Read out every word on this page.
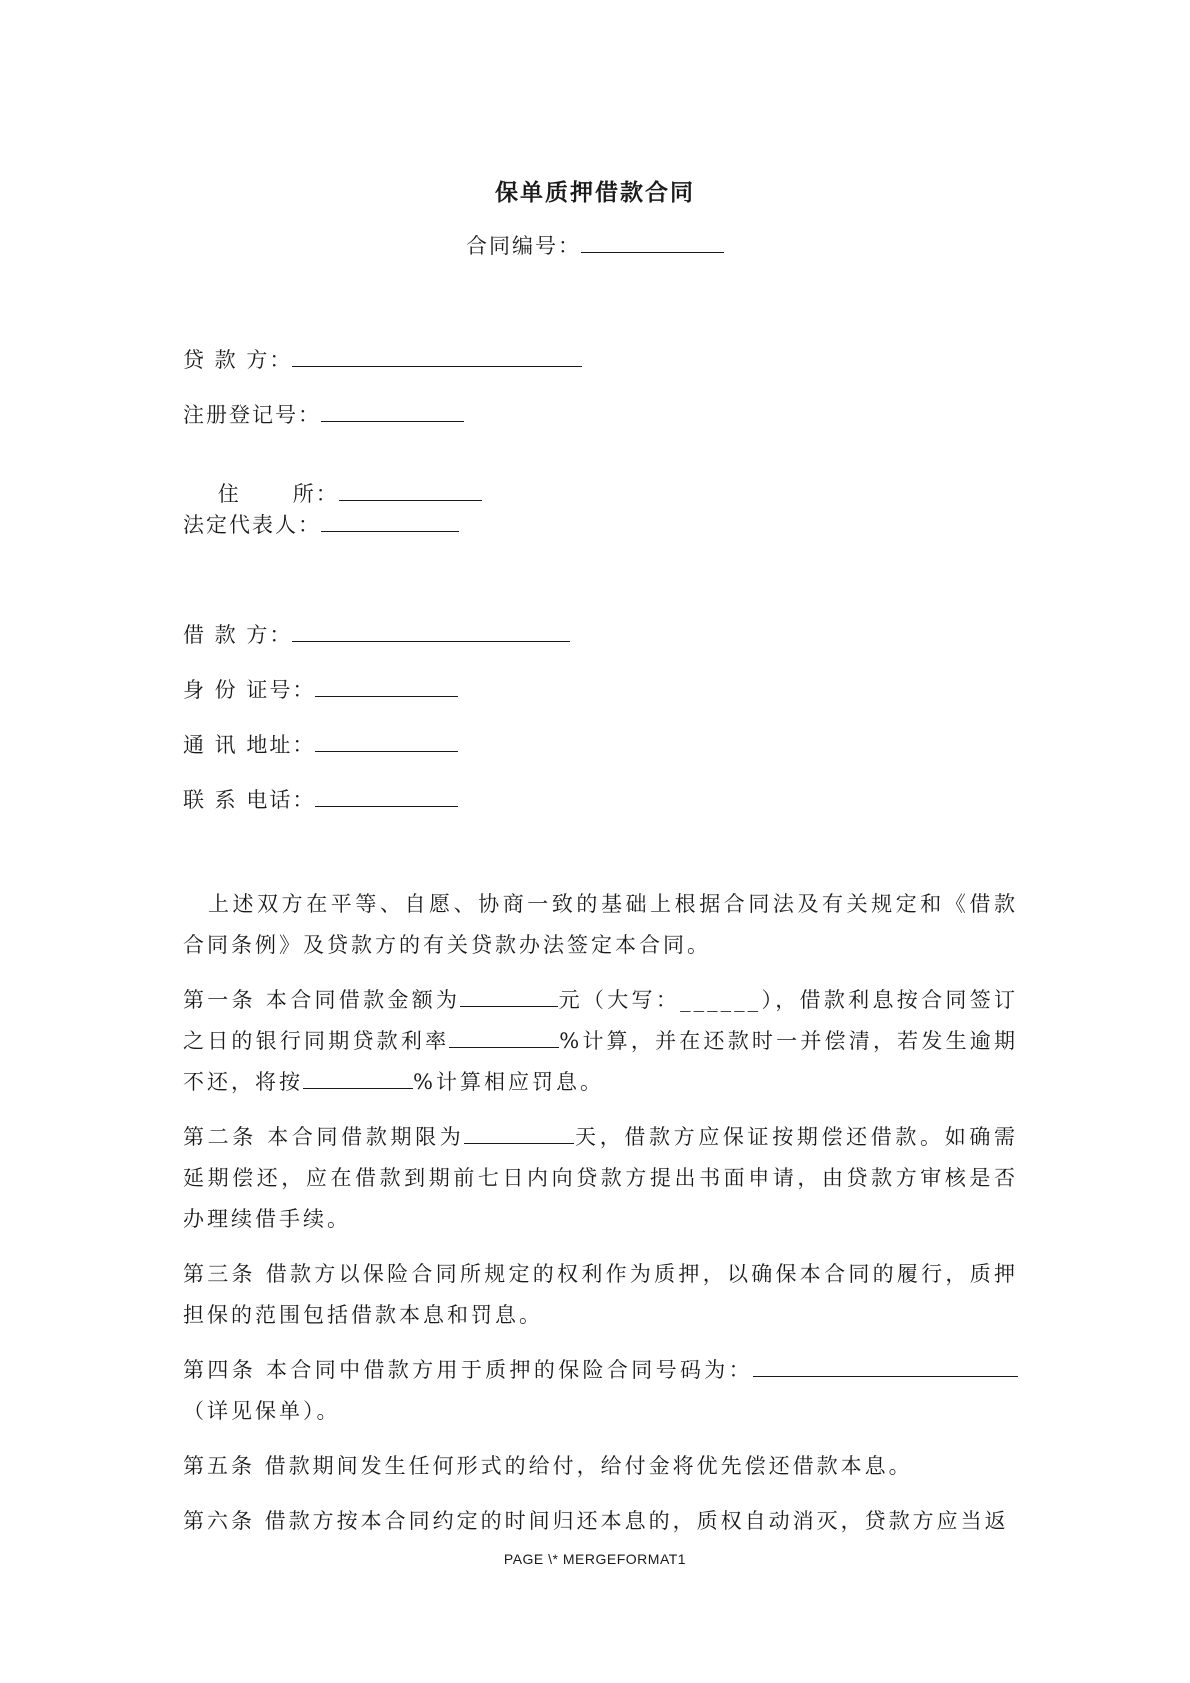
保单质押借款合同
合同编号：
贷 款 方：
注册登记号：

住      所：

法定代表人：
借 款 方：
身 份 证号：
通 讯 地址：
联 系 电话：
上述双方在平等、自愿、协商一致的基础上根据合同法及有关规定和《借款合同条例》及贷款方的有关贷款办法签定本合同。
第一条 本合同借款金额为	元（大写：______），借款利息按合同签订之日的银行同期贷款利率	%计算，并在还款时一并偿清，若发生逾期不还，将按	%计算相应罚息。
第二条 本合同借款期限为	天，借款方应保证按期偿还借款。如确需延期偿还，应在借款到期前七日内向贷款方提出书面申请，由贷款方审核是否办理续借手续。
第三条 借款方以保险合同所规定的权利作为质押，以确保本合同的履行，质押担保的范围包括借款本息和罚息。
第四条 本合同中借款方用于质押的保险合同号码为：（详见保单）。
第五条 借款期间发生任何形式的给付，给付金将优先偿还借款本息。
第六条 借款方按本合同约定的时间归还本息的，质权自动消灭，贷款方应当返
PAGE \* MERGEFORMAT1
